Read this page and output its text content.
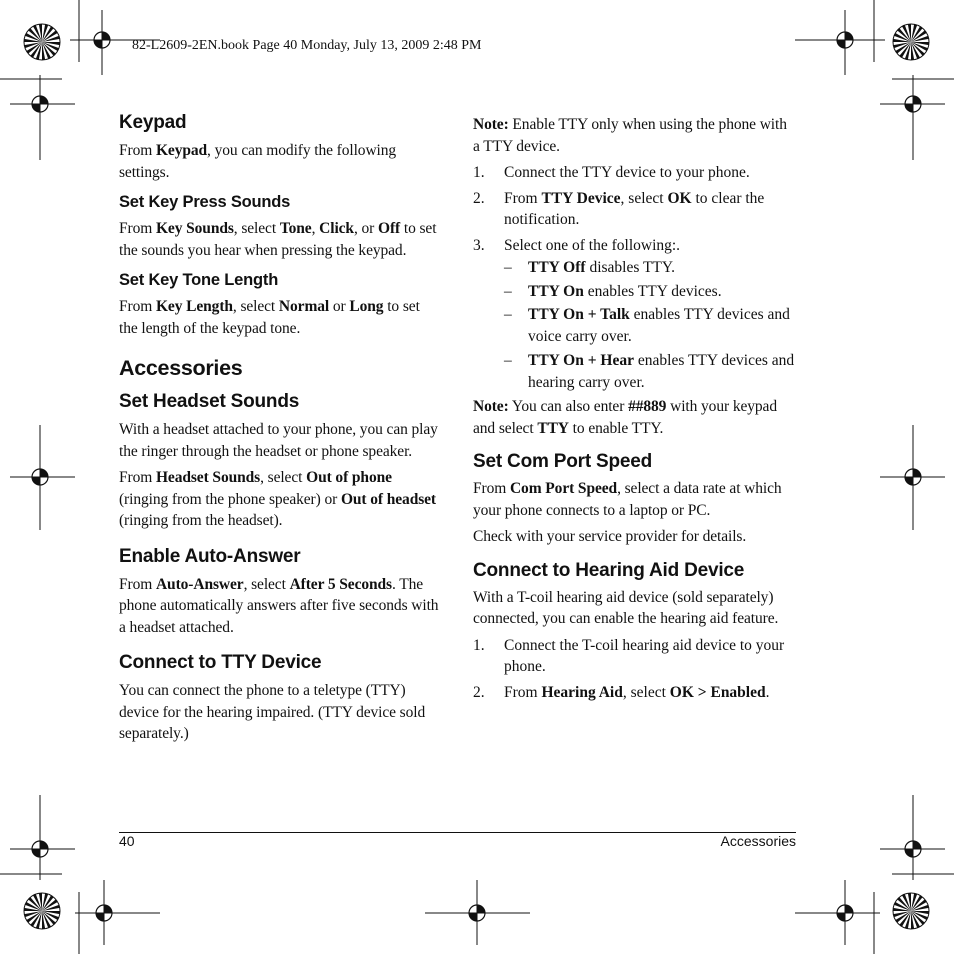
82-L2609-2EN.book Page 40 Monday, July 13, 2009 2:48 PM
Keypad

From Keypad, you can modify the following settings.

Set Key Press Sounds

From Key Sounds, select Tone, Click, or Off to set the sounds you hear when pressing the keypad.

Set Key Tone Length

From Key Length, select Normal or Long to set the length of the keypad tone.

Accessories
Set Headset Sounds

With a headset attached to your phone, you can play the ringer through the headset or phone speaker.

From Headset Sounds, select Out of phone (ringing from the phone speaker) or Out of headset (ringing from the headset).

Enable Auto-Answer

From Auto-Answer, select After 5 Seconds. The phone automatically answers after five seconds with a headset attached.

Connect to TTY Device

You can connect the phone to a teletype (TTY) device for the hearing impaired. (TTY device sold separately.)

Note: Enable TTY only when using the phone with a TTY device.

1.	Connect the TTY device to your phone.
2.	From TTY Device, select OK to clear the notification.
3.	Select one of the following:.
–	TTY Off disables TTY.
–	TTY On enables TTY devices.
–	TTY On + Talk enables TTY devices and voice carry over.
–	TTY On + Hear enables TTY devices and hearing carry over.

Note: You can also enter ##889 with your keypad and select TTY to enable TTY.

Set Com Port Speed

From Com Port Speed, select a data rate at which your phone connects to a laptop or PC.

Check with your service provider for details.

Connect to Hearing Aid Device

With a T-coil hearing aid device (sold separately) connected, you can enable the hearing aid feature.

1.	Connect the T-coil hearing aid device to your phone.
2.	From Hearing Aid, select OK > Enabled.
40	Accessories
